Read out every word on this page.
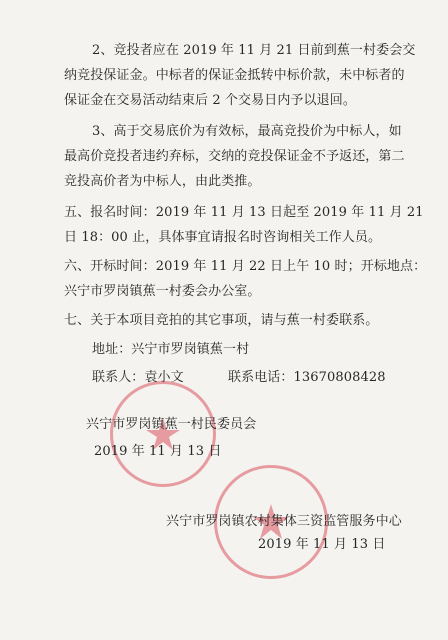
2、竞投者应在 2019 年 11 月 21 日前到蕉一村委会交
纳竞投保证金。中标者的保证金抵转中标价款，未中标者的
保证金在交易活动结束后 2 个交易日内予以退回。
3、高于交易底价为有效标，最高竞投价为中标人，如
最高价竞投者违约弃标，交纳的竞投保证金不予返还，第二
竞投高价者为中标人，由此类推。
五、报名时间：2019 年 11 月 13 日起至 2019 年 11 月 21
日 18：00 止，具体事宜请报名时咨询相关工作人员。
六、开标时间：2019 年 11 月 22 日上午 10 时；开标地点：
兴宁市罗岗镇蕉一村委会办公室。
七、关于本项目竞拍的其它事项，请与蕉一村委联系。
地址：兴宁市罗岗镇蕉一村
联系人：袁小文	联系电话：13670808428
兴宁市罗岗镇蕉一村民委员会
2019 年 11 月 13 日
兴宁市罗岗镇农村集体三资监管服务中心
2019 年 11 月 13 日
